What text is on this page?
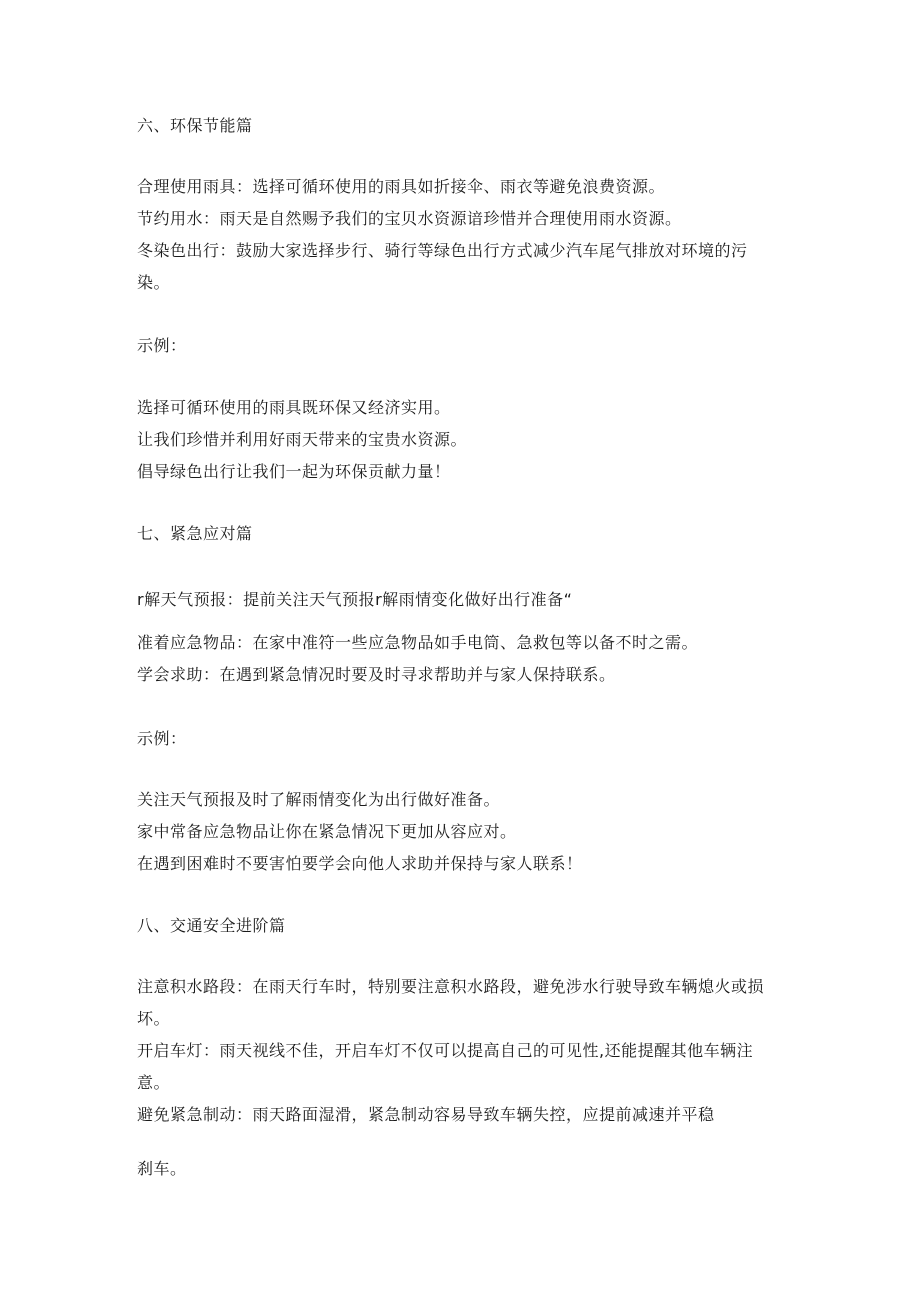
六、环保节能篇
合理使用雨具：选择可循环使用的雨具如折接伞、雨衣等避免浪费资源。
节约用水：雨天是自然赐予我们的宝贝水资源谙珍惜并合理使用雨水资源。
冬染色出行：鼓励大家选择步行、骑行等绿色出行方式减少汽车尾气排放对环境的污
染。
示例：
选择可循环使用的雨具既环保又经济实用。
让我们珍惜并利用好雨天带来的宝贵水资源。
倡导绿色出行让我们一起为环保贡献力量！
七、紧急应对篇
r解天气预报：提前关注天气预报r解雨情变化做好出行准备“
准着应急物品：在家中准符一些应急物品如手电筒、急救包等以备不时之需。
学会求助：在遇到紧急情况时要及时寻求帮助并与家人保持联系。
示例：
关注天气预报及时了解雨情变化为出行做好准备。
家中常备应急物品让你在紧急情况下更加从容应对。
在遇到困难时不要害怕要学会向他人求助并保持与家人联系！
八、交通安全进阶篇
注意积水路段：在雨天行车时，特别要注意积水路段，避免涉水行驶导致车辆熄火或损
坏。
开启车灯：雨天视线不佳，开启车灯不仅可以提高自己的可见性,还能提醒其他车辆注
意。
避免紧急制动：雨天路面湿滑，紧急制动容易导致车辆失控，应提前减速并平稳
刹车。
